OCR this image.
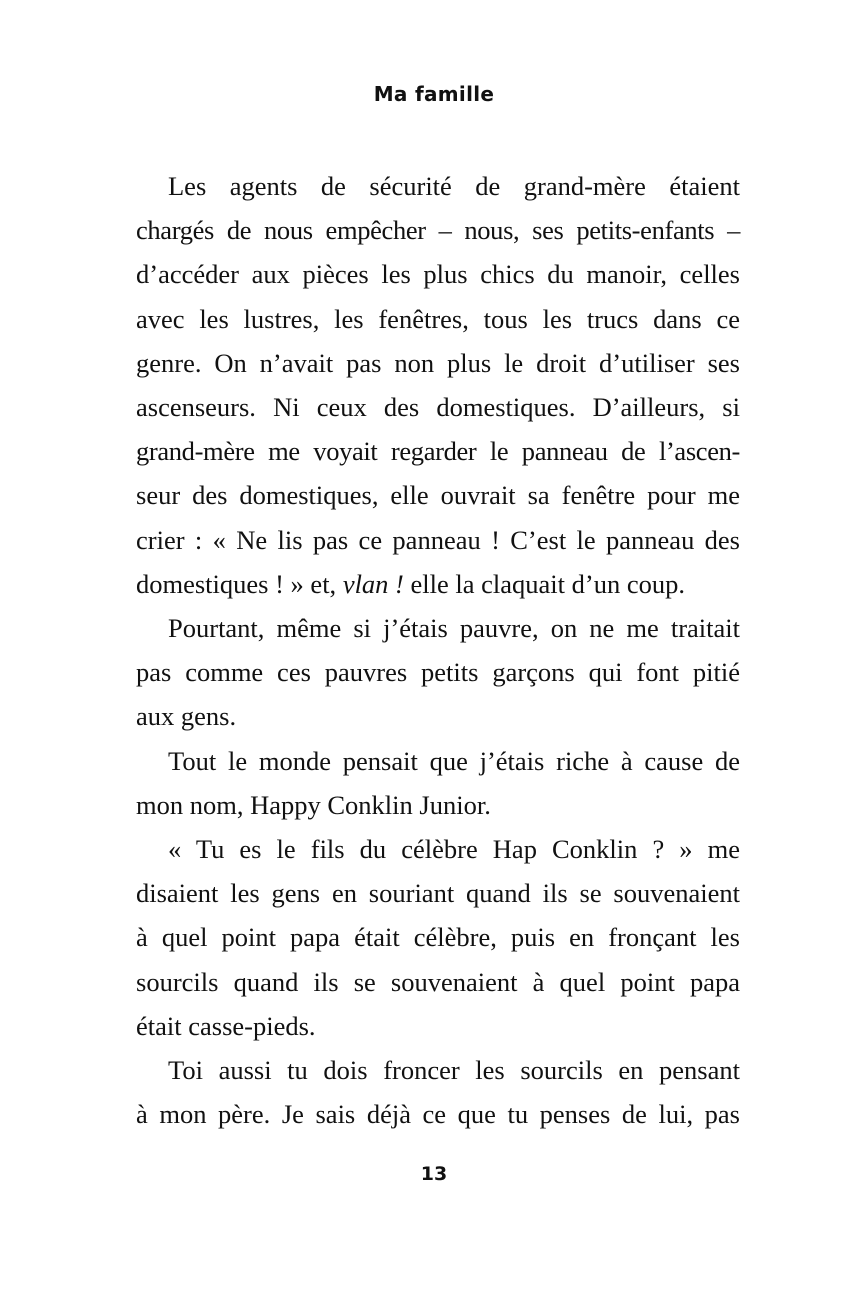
Ma famille
Les agents de sécurité de grand-mère étaient
chargés de nous empêcher – nous, ses petits-enfants –
d’accéder aux pièces les plus chics du manoir, celles
avec les lustres, les fenêtres, tous les trucs dans ce
genre. On n’avait pas non plus le droit d’utiliser ses
ascenseurs. Ni ceux des domestiques. D’ailleurs, si
grand-mère me voyait regarder le panneau de l’ascen-
seur des domestiques, elle ouvrait sa fenêtre pour me
crier : « Ne lis pas ce panneau ! C’est le panneau des
domestiques ! » et, vlan ! elle la claquait d’un coup.
Pourtant, même si j’étais pauvre, on ne me traitait
pas comme ces pauvres petits garçons qui font pitié
aux gens.
Tout le monde pensait que j’étais riche à cause de
mon nom, Happy Conklin Junior.
« Tu es le fils du célèbre Hap Conklin ? » me
disaient les gens en souriant quand ils se souvenaient
à quel point papa était célèbre, puis en fronçant les
sourcils quand ils se souvenaient à quel point papa
était casse-pieds.
Toi aussi tu dois froncer les sourcils en pensant
à mon père. Je sais déjà ce que tu penses de lui, pas
13
